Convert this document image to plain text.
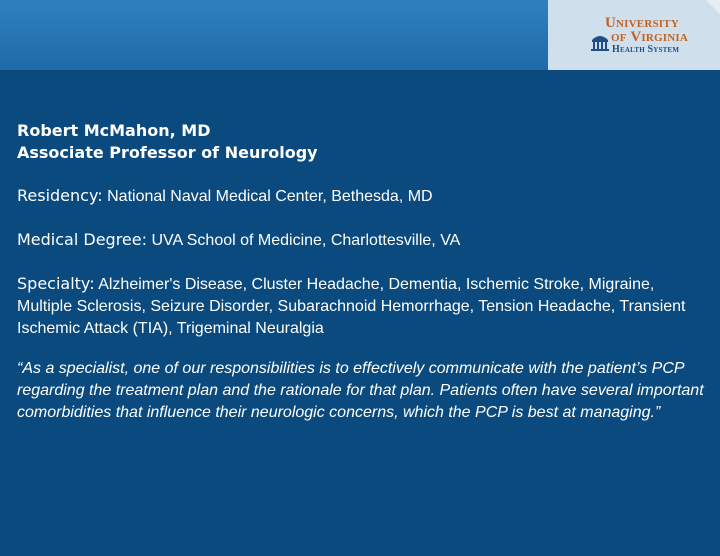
University
of Virginia
Health System
Robert McMahon, MD
Associate Professor of Neurology
Residency: National Naval Medical Center, Bethesda, MD
Medical Degree: UVA School of Medicine, Charlottesville, VA
Specialty: Alzheimer's Disease, Cluster Headache, Dementia, Ischemic Stroke, Migraine, Multiple Sclerosis, Seizure Disorder, Subarachnoid Hemorrhage, Tension Headache, Transient Ischemic Attack (TIA), Trigeminal Neuralgia
“As a specialist, one of our responsibilities is to effectively communicate with the patient’s PCP regarding the treatment plan and the rationale for that plan. Patients often have several important comorbidities that influence their neurologic concerns, which the PCP is best at managing.”
